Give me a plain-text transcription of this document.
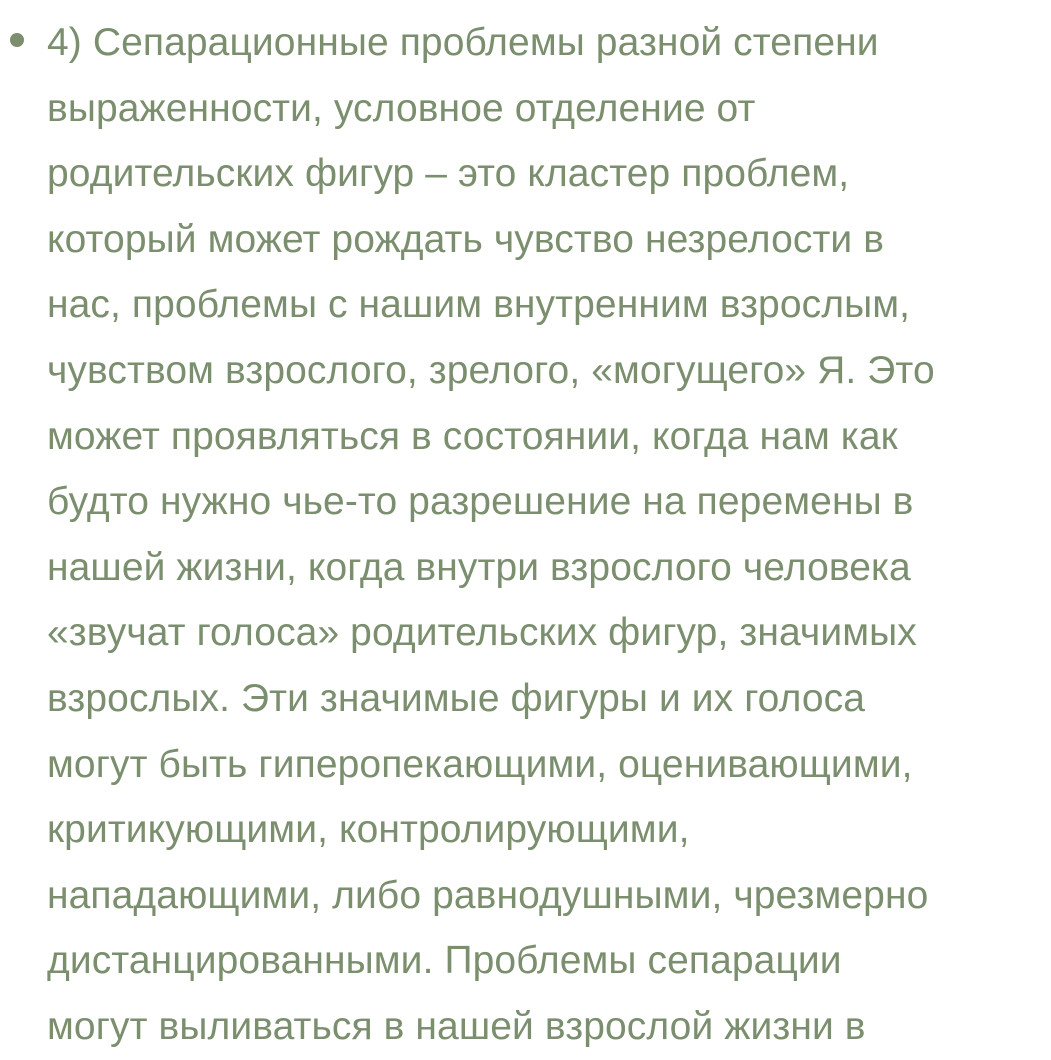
4) Сепарационные проблемы разной степени
выраженности, условное отделение от
родительских фигур – это кластер проблем,
который может рождать чувство незрелости в
нас, проблемы с нашим внутренним взрослым,
чувством взрослого, зрелого, «могущего» Я. Это
может проявляться в состоянии, когда нам как
будто нужно чье-то разрешение на перемены в
нашей жизни, когда внутри взрослого человека
«звучат голоса» родительских фигур, значимых
взрослых. Эти значимые фигуры и их голоса
могут быть гиперопекающими, оценивающими,
критикующими, контролирующими,
нападающими, либо равнодушными, чрезмерно
дистанцированными. Проблемы сепарации
могут выливаться в нашей взрослой жизни в
